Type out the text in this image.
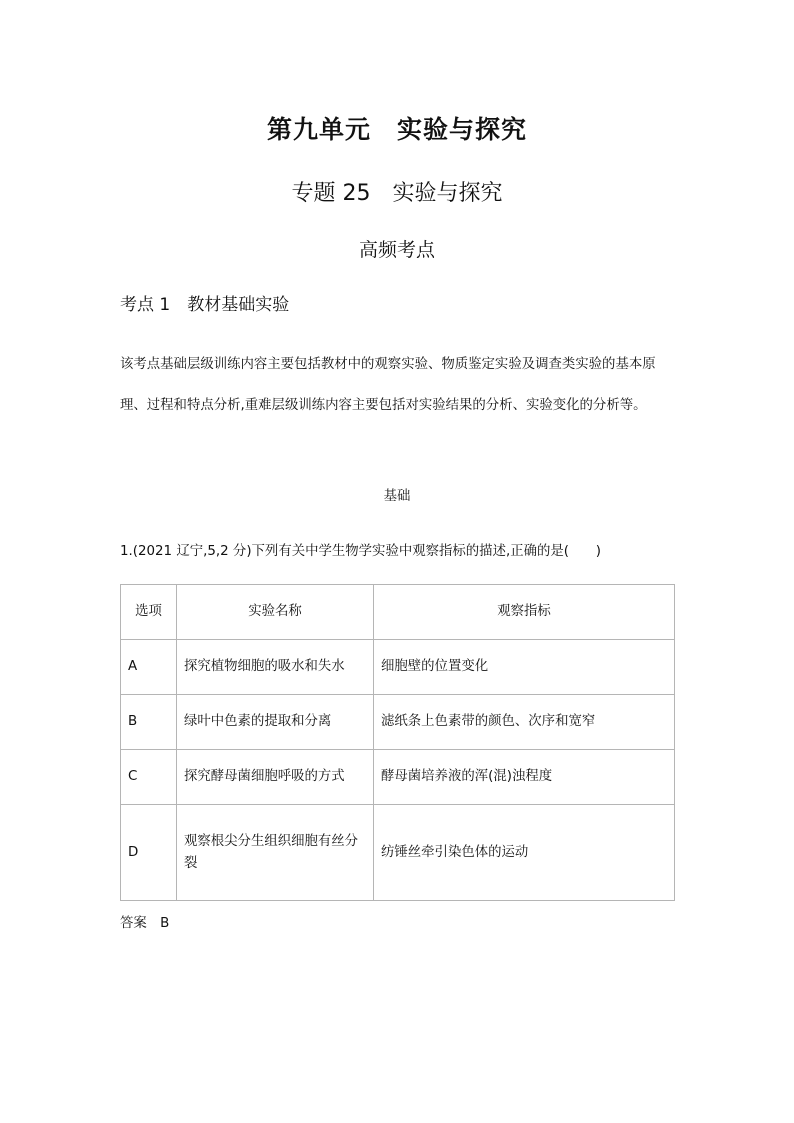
第九单元　实验与探究
专题 25　实验与探究
高频考点
考点 1　教材基础实验
该考点基础层级训练内容主要包括教材中的观察实验、物质鉴定实验及调查类实验的基本原理、过程和特点分析,重难层级训练内容主要包括对实验结果的分析、实验变化的分析等。
基础
1.(2021 辽宁,5,2 分)下列有关中学生物学实验中观察指标的描述,正确的是(　　)
选项	实验名称	观察指标
A	探究植物细胞的吸水和失水	细胞壁的位置变化
B	绿叶中色素的提取和分离	滤纸条上色素带的颜色、次序和宽窄
C	探究酵母菌细胞呼吸的方式	酵母菌培养液的浑(混)浊程度
D	观察根尖分生组织细胞有丝分裂	纺锤丝牵引染色体的运动
答案　B
